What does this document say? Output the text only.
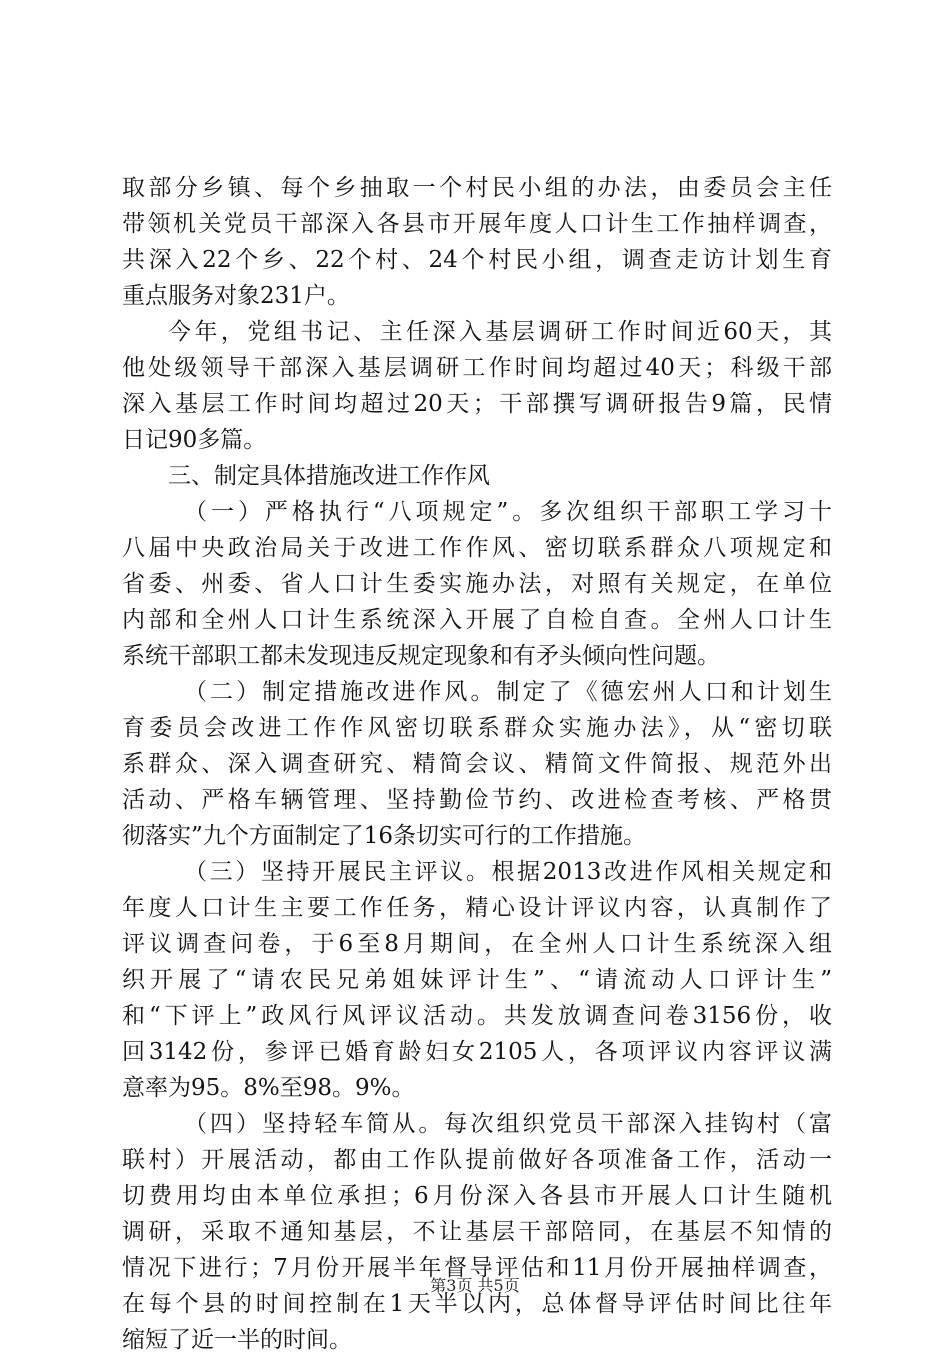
取部分乡镇、每个乡抽取一个村民小组的办法，由委员会主任
带领机关党员干部深入各县市开展年度人口计生工作抽样调查，
共深入22个乡、22个村、24个村民小组，调查走访计划生育
重点服务对象231户。
今年，党组书记、主任深入基层调研工作时间近60天，其
他处级领导干部深入基层调研工作时间均超过40天；科级干部
深入基层工作时间均超过20天；干部撰写调研报告9篇，民情
日记90多篇。
三、制定具体措施改进工作作风
（一）严格执行“八项规定”。多次组织干部职工学习十
八届中央政治局关于改进工作作风、密切联系群众八项规定和
省委、州委、省人口计生委实施办法，对照有关规定，在单位
内部和全州人口计生系统深入开展了自检自查。全州人口计生
系统干部职工都未发现违反规定现象和有矛头倾向性问题。
（二）制定措施改进作风。制定了《德宏州人口和计划生
育委员会改进工作作风密切联系群众实施办法》，从“密切联
系群众、深入调查研究、精简会议、精简文件简报、规范外出
活动、严格车辆管理、坚持勤俭节约、改进检查考核、严格贯
彻落实”九个方面制定了16条切实可行的工作措施。
（三）坚持开展民主评议。根据2013改进作风相关规定和
年度人口计生主要工作任务，精心设计评议内容，认真制作了
评议调查问卷，于6至8月期间，在全州人口计生系统深入组
织开展了“请农民兄弟姐妹评计生”、“请流动人口评计生”
和“下评上”政风行风评议活动。共发放调查问卷3156份，收
回3142份，参评已婚育龄妇女2105人，各项评议内容评议满
意率为95。8%至98。9%。
（四）坚持轻车简从。每次组织党员干部深入挂钩村（富
联村）开展活动，都由工作队提前做好各项准备工作，活动一
切费用均由本单位承担；6月份深入各县市开展人口计生随机
调研，采取不通知基层，不让基层干部陪同，在基层不知情的
情况下进行；7月份开展半年督导评估和11月份开展抽样调查，
在每个县的时间控制在1天半以内，总体督导评估时间比往年
缩短了近一半的时间。
第3页 共5页
